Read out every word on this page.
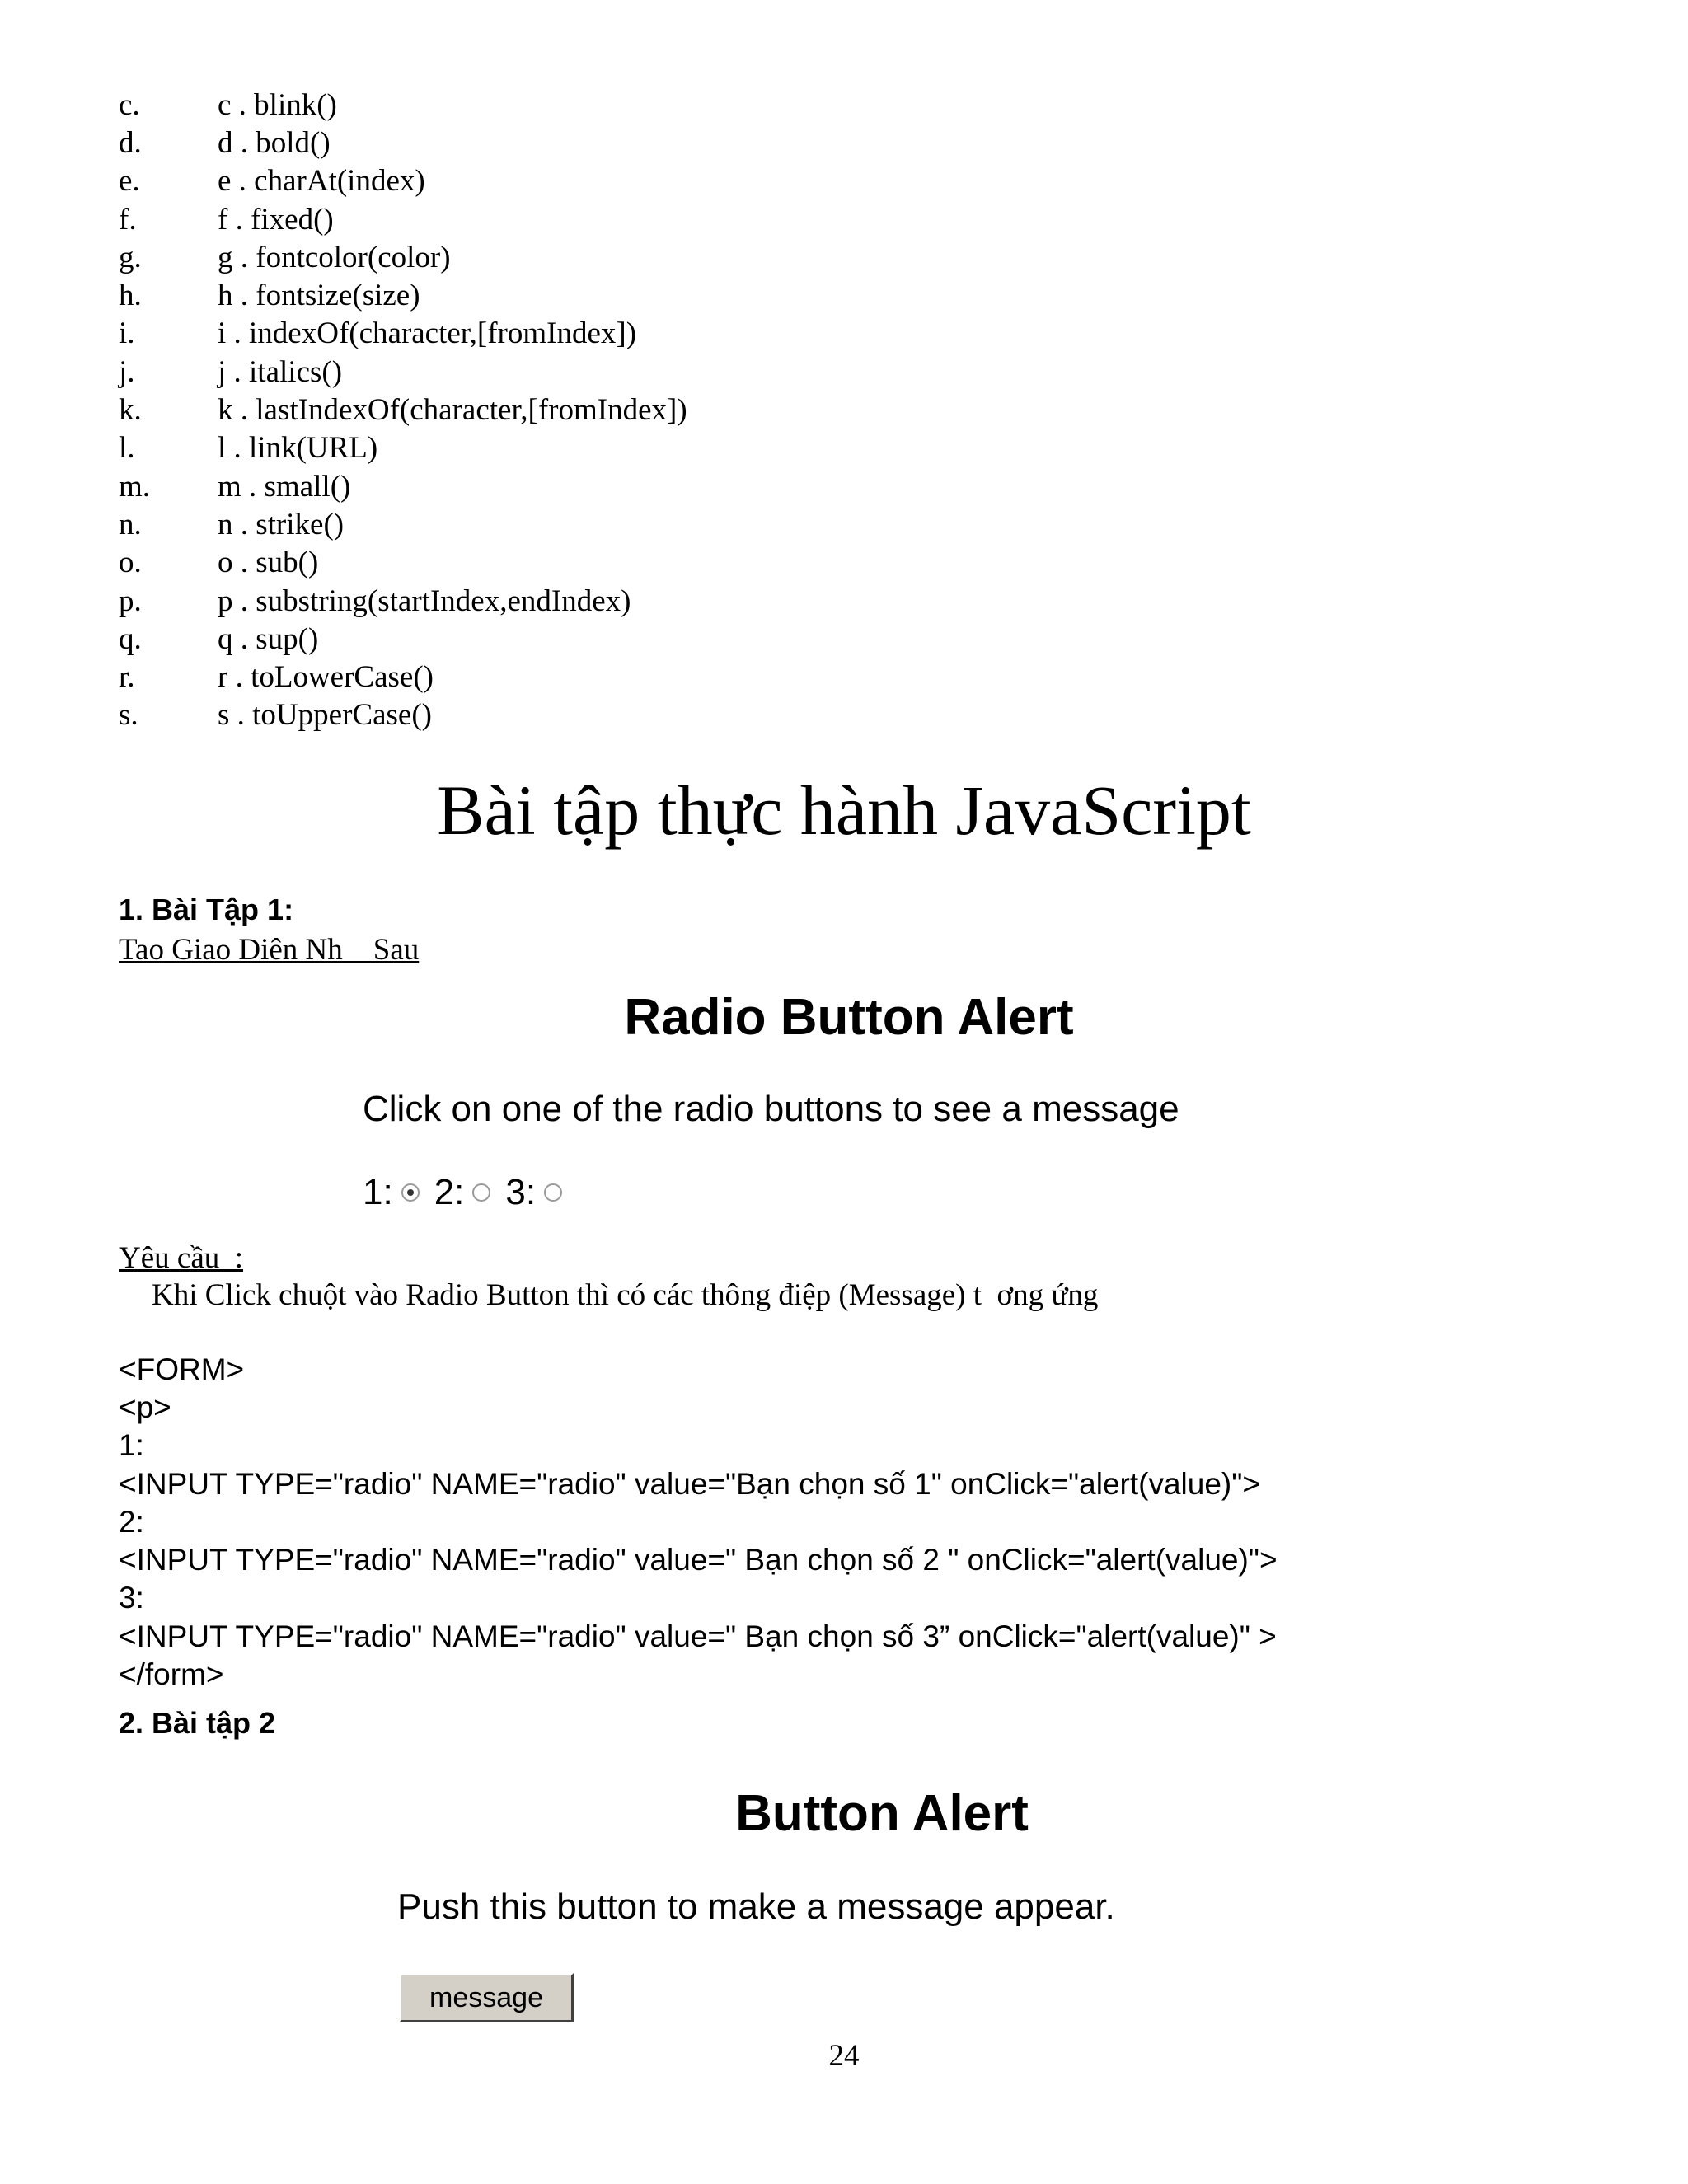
c.	c . blink()
d.	d . bold()
e.	e . charAt(index)
f.	f . fixed()
g.	g . fontcolor(color)
h.	h . fontsize(size)
i.	i . indexOf(character,[fromIndex])
j.	j . italics()
k.	k . lastIndexOf(character,[fromIndex])
l.	l . link(URL)
m.	m . small()
n.	n . strike()
o.	o . sub()
p.	p . substring(startIndex,endIndex)
q.	q . sup()
r.	r . toLowerCase()
s.	s . toUpperCase()
Bài tập thực hành JavaScript
1. Bài Tập 1:
Tao Giao Diên Nh    Sau
Radio Button Alert
Click on one of the radio buttons to see a message
1: 2: 3:
Yêu cầu  :
Khi Click chuột vào Radio Button thì có các thông điệp (Message) t  ơng ứng
<FORM>
<p>
1:
<INPUT TYPE="radio" NAME="radio" value="Bạn chọn số 1" onClick="alert(value)">
2:
<INPUT TYPE="radio" NAME="radio" value=" Bạn chọn số 2 " onClick="alert(value)">
3:
<INPUT TYPE="radio" NAME="radio" value=" Bạn chọn số 3” onClick="alert(value)" >
</form>
2. Bài tập 2
Button Alert
Push this button to make a message appear.
message
24
